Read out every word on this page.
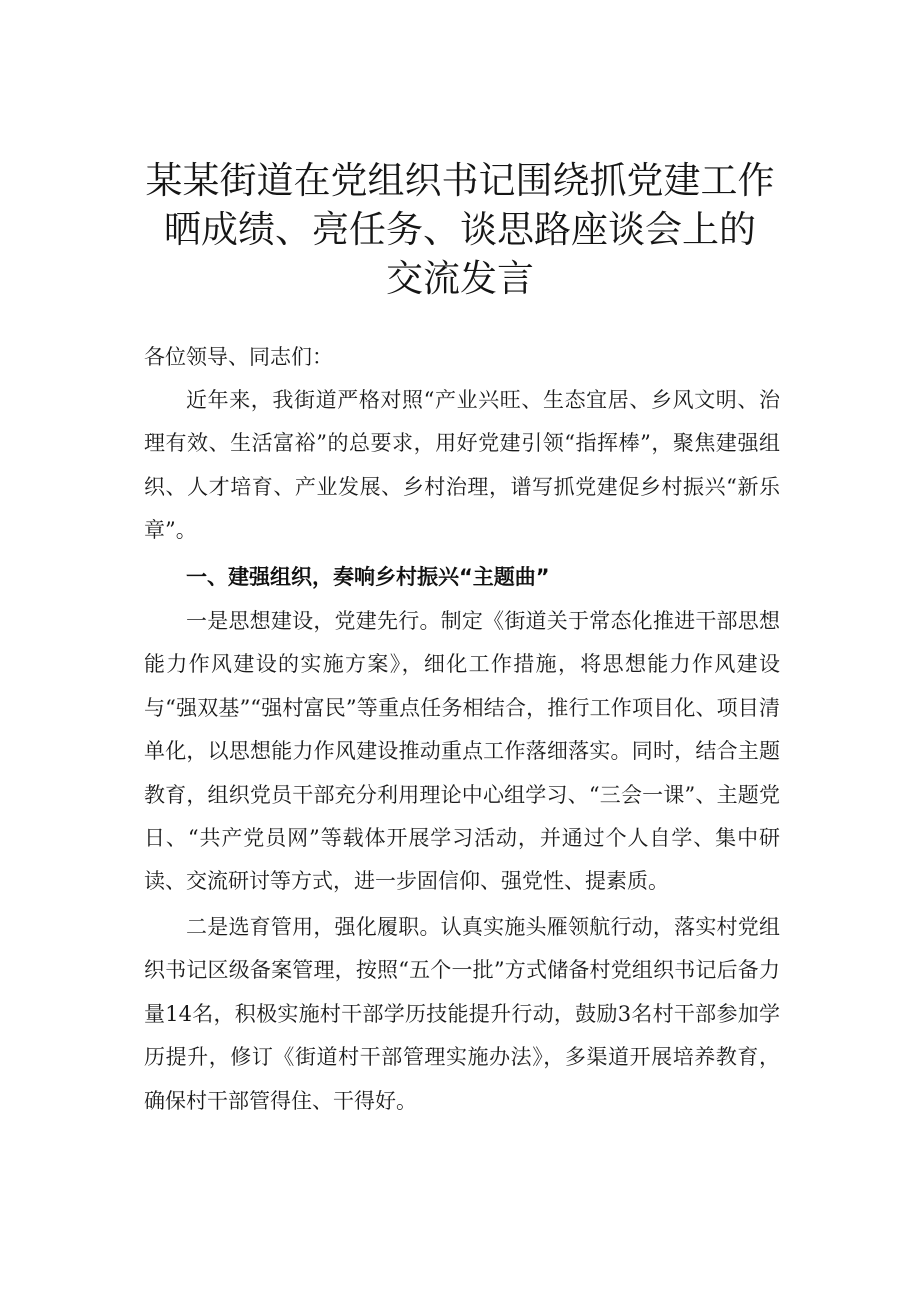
某某街道在党组织书记围绕抓党建工作
晒成绩、亮任务、谈思路座谈会上的
交流发言

各位领导、同志们：

近年来，我街道严格对照“产业兴旺、生态宜居、乡风文明、治理有效、生活富裕”的总要求，用好党建引领“指挥棒”，聚焦建强组织、人才培育、产业发展、乡村治理，谱写抓党建促乡村振兴“新乐章”。

一、建强组织，奏响乡村振兴“主题曲”

一是思想建设，党建先行。制定《街道关于常态化推进干部思想能力作风建设的实施方案》，细化工作措施，将思想能力作风建设与“强双基”“强村富民”等重点任务相结合，推行工作项目化、项目清单化，以思想能力作风建设推动重点工作落细落实。同时，结合主题教育，组织党员干部充分利用理论中心组学习、“三会一课”、主题党日、“共产党员网”等载体开展学习活动，并通过个人自学、集中研读、交流研讨等方式，进一步固信仰、强党性、提素质。

二是选育管用，强化履职。认真实施头雁领航行动，落实村党组织书记区级备案管理，按照“五个一批”方式储备村党组织书记后备力量14名，积极实施村干部学历技能提升行动，鼓励3名村干部参加学历提升，修订《街道村干部管理实施办法》，多渠道开展培养教育，确保村干部管得住、干得好。
